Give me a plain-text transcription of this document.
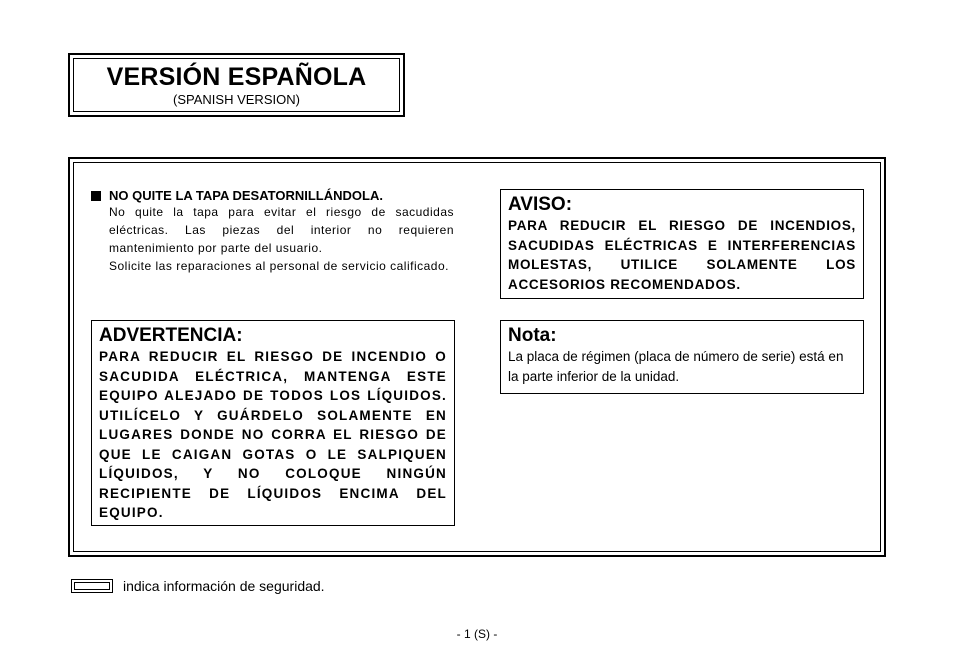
VERSIÓN ESPAÑOLA
(SPANISH VERSION)
NO QUITE LA TAPA DESATORNILLÁNDOLA.
No quite la tapa para evitar el riesgo de sacudidas eléctricas. Las piezas del interior no requieren mantenimiento por parte del usuario.
Solicite las reparaciones al personal de servicio calificado.
AVISO:
PARA REDUCIR EL RIESGO DE INCENDIOS, SACUDIDAS ELÉCTRICAS E INTERFERENCIAS MOLESTAS, UTILICE SOLAMENTE LOS ACCESORIOS RECOMENDADOS.
ADVERTENCIA:
PARA REDUCIR EL RIESGO DE INCENDIO O SACUDIDA ELÉCTRICA, MANTENGA ESTE EQUIPO ALEJADO DE TODOS LOS LÍQUIDOS. UTILÍCELO Y GUÁRDELO SOLAMENTE EN LUGARES DONDE NO CORRA EL RIESGO DE QUE LE CAIGAN GOTAS O LE SALPIQUEN LÍQUIDOS, Y NO COLOQUE NINGÚN RECIPIENTE DE LÍQUIDOS ENCIMA DEL EQUIPO.
Nota:
La placa de régimen (placa de número de serie) está en la parte inferior de la unidad.
indica información de seguridad.
- 1 (S) -
